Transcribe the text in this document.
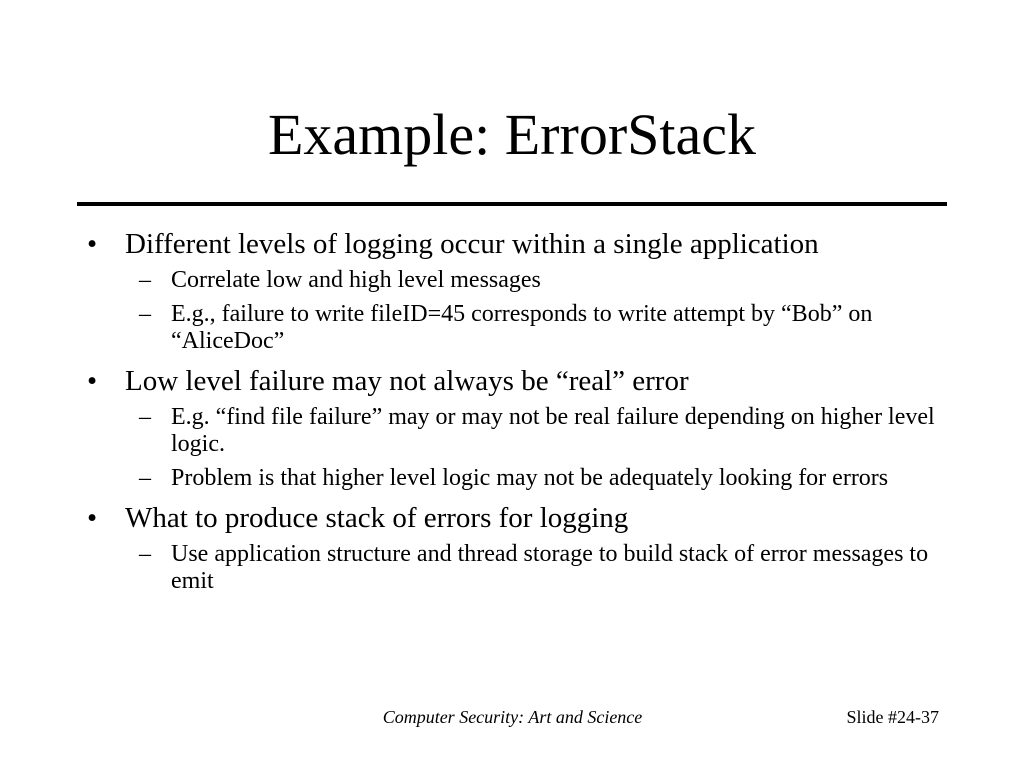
Example: ErrorStack
• Different levels of logging occur within a single application
– Correlate low and high level messages
– E.g., failure to write fileID=45 corresponds to write attempt by “Bob” on “AliceDoc”
• Low level failure may not always be “real” error
– E.g. “find file failure” may or may not be real failure depending on higher level logic.
– Problem is that higher level logic may not be adequately looking for errors
• What to produce stack of errors for logging
– Use application structure and thread storage to build stack of error messages to emit
Computer Security: Art and Science	Slide #24-37
